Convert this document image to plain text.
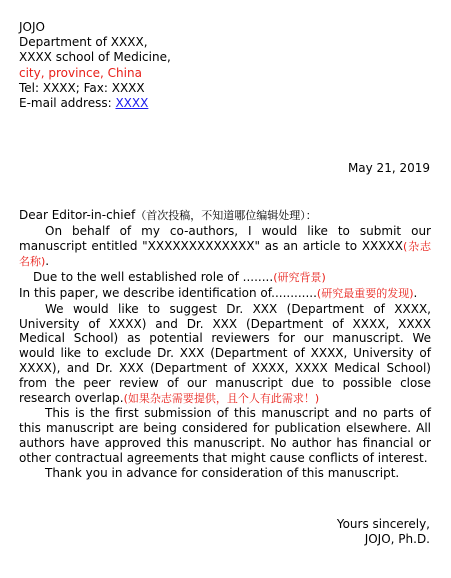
JOJO
Department of XXXX,
XXXX school of Medicine,
city, province, China
Tel: XXXX; Fax: XXXX
E-mail address: XXXX
May 21, 2019

Dear Editor-in-chief（首次投稿，不知道哪位编辑处理）：

On behalf of my co-authors, I would like to submit our manuscript entitled "XXXXXXXXXXXXX" as an article to XXXXX(杂志名称).

Due to the well established role of ........(研究背景)

In this paper, we describe identification of............(研究最重要的发现).

We would like to suggest Dr. XXX (Department of XXXX, University of XXXX) and Dr. XXX (Department of XXXX, XXXX Medical School) as potential reviewers for our manuscript. We would like to exclude Dr. XXX (Department of XXXX, University of XXXX), and Dr. XXX (Department of XXXX, XXXX Medical School) from the peer review of our manuscript due to possible close research overlap.(如果杂志需要提供，且个人有此需求！)

This is the first submission of this manuscript and no parts of this manuscript are being considered for publication elsewhere. All authors have approved this manuscript. No author has financial or other contractual agreements that might cause conflicts of interest.

Thank you in advance for consideration of this manuscript.

Yours sincerely,
JOJO, Ph.D.
